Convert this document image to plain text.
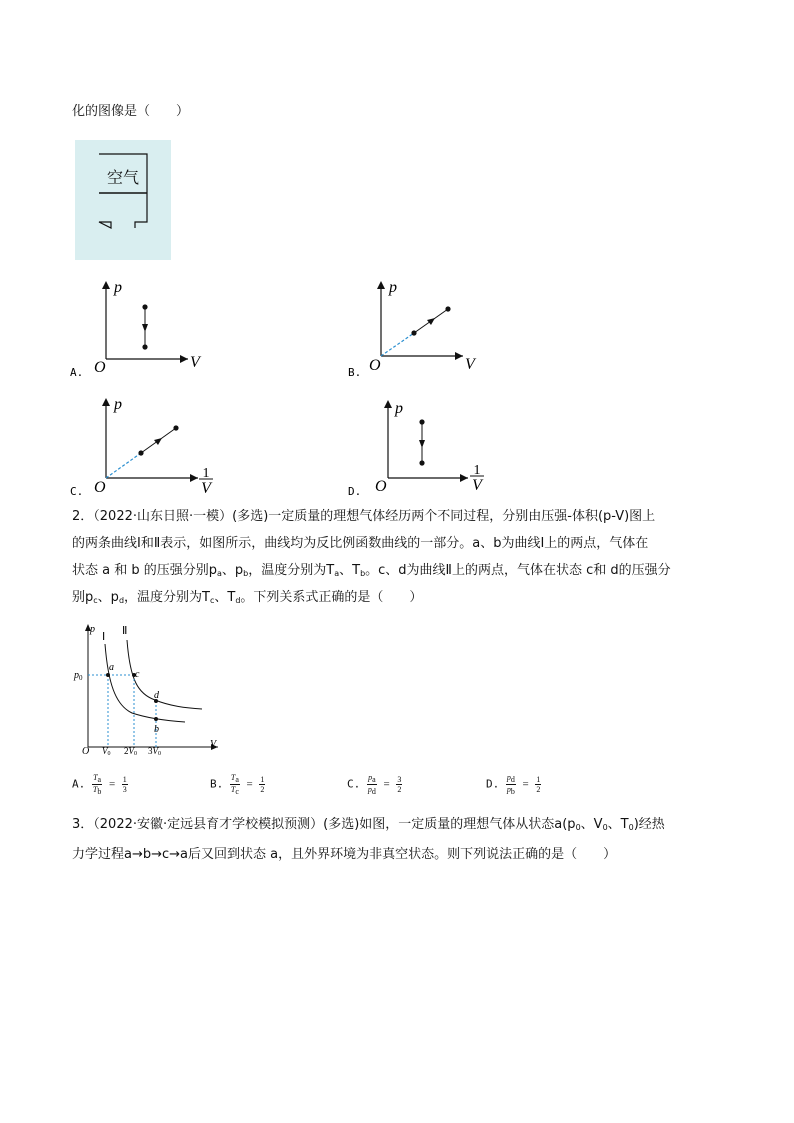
化的图像是（　　）
空气
A.
p
V
O	B.
p
V
O
C.
p
1
V
O	D.
p
1
V
O
2．（2022·山东日照·一模）(多选)一定质量的理想气体经历两个不同过程，分别由压强-体积(p-V)图上
的两条曲线Ⅰ和Ⅱ表示，如图所示，曲线均为反比例函数曲线的一部分。a、b为曲线Ⅰ上的两点，气体在
状态 a 和 b 的压强分别$p_a$、$p_b$，温度分别为$T_a$、$T_b$。c、d为曲线Ⅱ上的两点，气体在状态 c和 d的压强分
别$p_c$、$p_d$，温度分别为$T_c$、$T_d$。下列关系式正确的是（　　）
p
V
O
Ⅰ Ⅱ
a
c
d
b
$p_0$
V0 2V0 3V0
A. $\frac{Ta}{Tb} = \frac{1}{3}$	B. $\frac{Ta}{Tc} = \frac{1}{2}$	C. $\frac{pa}{pd} = \frac{3}{2}$	D. $\frac{pd}{pb} = \frac{1}{2}$
3．（2022·安徽·定远县育才学校模拟预测）(多选)如图，一定质量的理想气体从状态$a(p_0$、$V_0$、$T_0$)经热
力学过程a→b→c→a后又回到状态 a，且外界环境为非真空状态。则下列说法正确的是（　　）
